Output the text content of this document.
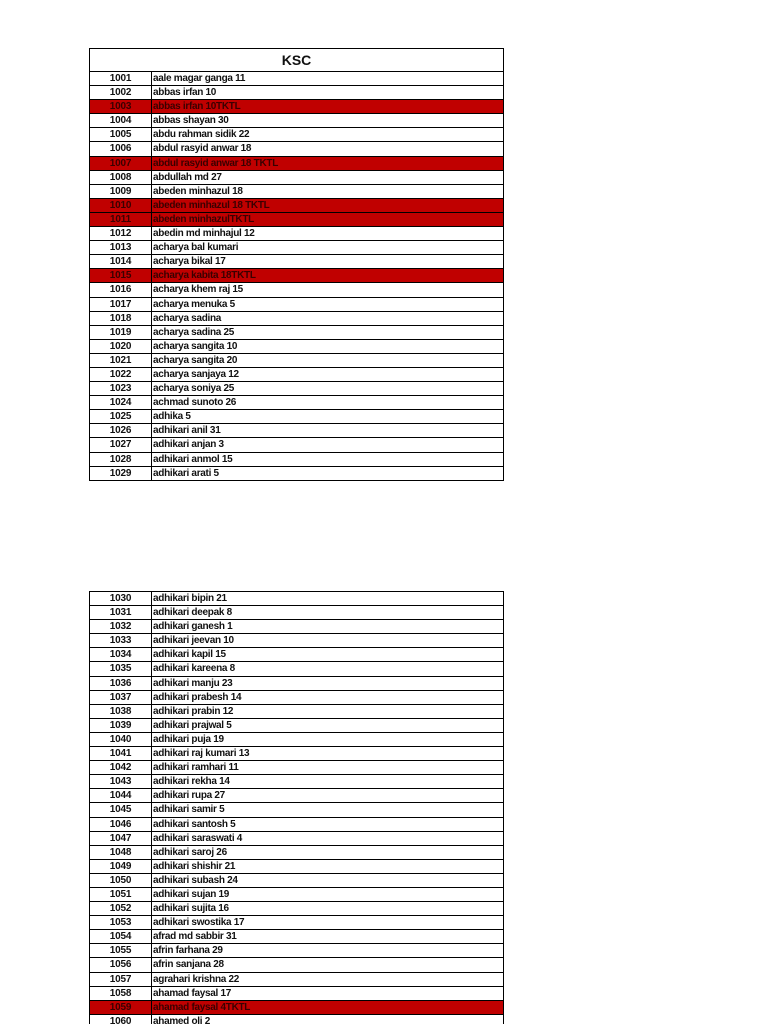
KSC
1001	aale magar ganga 11
1002	abbas irfan 10
1003	abbas irfan 10TKTL
1004	abbas shayan 30
1005	abdu rahman sidik 22
1006	abdul rasyid anwar 18
1007	abdul rasyid anwar 18 TKTL
1008	abdullah md 27
1009	abeden minhazul 18
1010	abeden minhazul 18 TKTL
1011	abeden minhazulTKTL
1012	abedin md minhajul 12
1013	acharya bal kumari
1014	acharya bikal 17
1015	acharya kabita 18TKTL
1016	acharya khem raj 15
1017	acharya menuka 5
1018	acharya sadina
1019	acharya sadina 25
1020	acharya sangita 10
1021	acharya sangita 20
1022	acharya sanjaya 12
1023	acharya soniya 25
1024	achmad sunoto 26
1025	adhika 5
1026	adhikari anil 31
1027	adhikari anjan 3
1028	adhikari anmol 15
1029	adhikari arati 5
1030	adhikari bipin 21
1031	adhikari deepak 8
1032	adhikari ganesh 1
1033	adhikari jeevan 10
1034	adhikari kapil 15
1035	adhikari kareena 8
1036	adhikari manju 23
1037	adhikari prabesh 14
1038	adhikari prabin 12
1039	adhikari prajwal 5
1040	adhikari puja 19
1041	adhikari raj kumari 13
1042	adhikari ramhari 11
1043	adhikari rekha 14
1044	adhikari rupa 27
1045	adhikari samir 5
1046	adhikari santosh 5
1047	adhikari saraswati 4
1048	adhikari saroj 26
1049	adhikari shishir 21
1050	adhikari subash 24
1051	adhikari sujan 19
1052	adhikari sujita 16
1053	adhikari swostika 17
1054	afrad md sabbir 31
1055	afrin farhana 29
1056	afrin sanjana 28
1057	agrahari krishna 22
1058	ahamad faysal 17
1059	ahamad faysal 4TKTL
1060	ahamed oli 2
